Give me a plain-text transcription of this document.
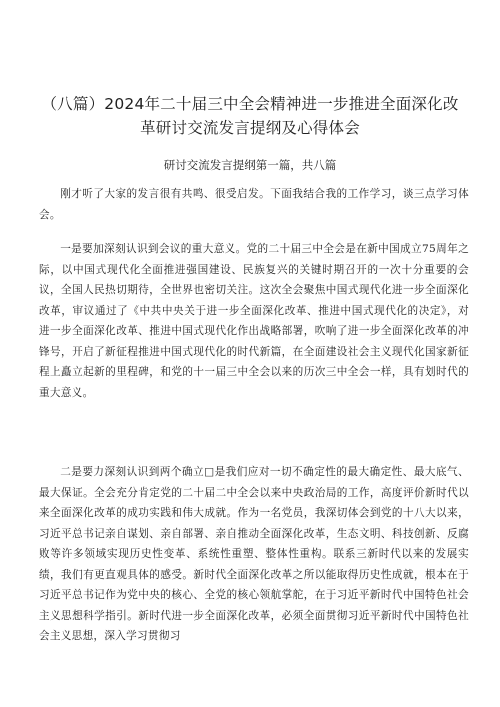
（八篇）2024年二十届三中全会精神进一步推进全面深化改革研讨交流发言提纲及心得体会
研讨交流发言提纲第一篇，共八篇

刚才听了大家的发言很有共鸣、很受启发。下面我结合我的工作学习，谈三点学习体会。

一是要加深刻认识到会议的重大意义。党的二十届三中全会是在新中国成立75周年之际，以中国式现代化全面推进强国建设、民族复兴的关键时期召开的一次十分重要的会议，全国人民热切期待，全世界也密切关注。这次全会聚焦中国式现代化进一步全面深化改革，审议通过了《中共中央关于进一步全面深化改革、推进中国式现代化的决定》，对进一步全面深化改革、推进中国式现代化作出战略部署，吹响了进一步全面深化改革的冲锋号，开启了新征程推进中国式现代化的时代新篇，在全面建设社会主义现代化国家新征程上矗立起新的里程碑，和党的十一届三中全会以来的历次三中全会一样，具有划时代的重大意义。

二是要力深刻认识到两个确立□是我们应对一切不确定性的最大确定性、最大底气、最大保证。全会充分肯定党的二十届二中全会以来中央政治局的工作，高度评价新时代以来全面深化改革的成功实践和伟大成就。作为一名党员，我深切体会到党的十八大以来，习近平总书记亲自谋划、亲自部署、亲自推动全面深化改革，生态文明、科技创新、反腐败等许多领域实现历史性变革、系统性重塑、整体性重构。联系三新时代以来的发展实绩，我们有更直观具体的感受。新时代全面深化改革之所以能取得历史性成就，根本在于习近平总书记作为党中央的核心、全党的核心领航掌舵，在于习近平新时代中国特色社会主义思想科学指引。新时代进一步全面深化改革，必须全面贯彻习近平新时代中国特色社会主义思想，深入学习贯彻习
